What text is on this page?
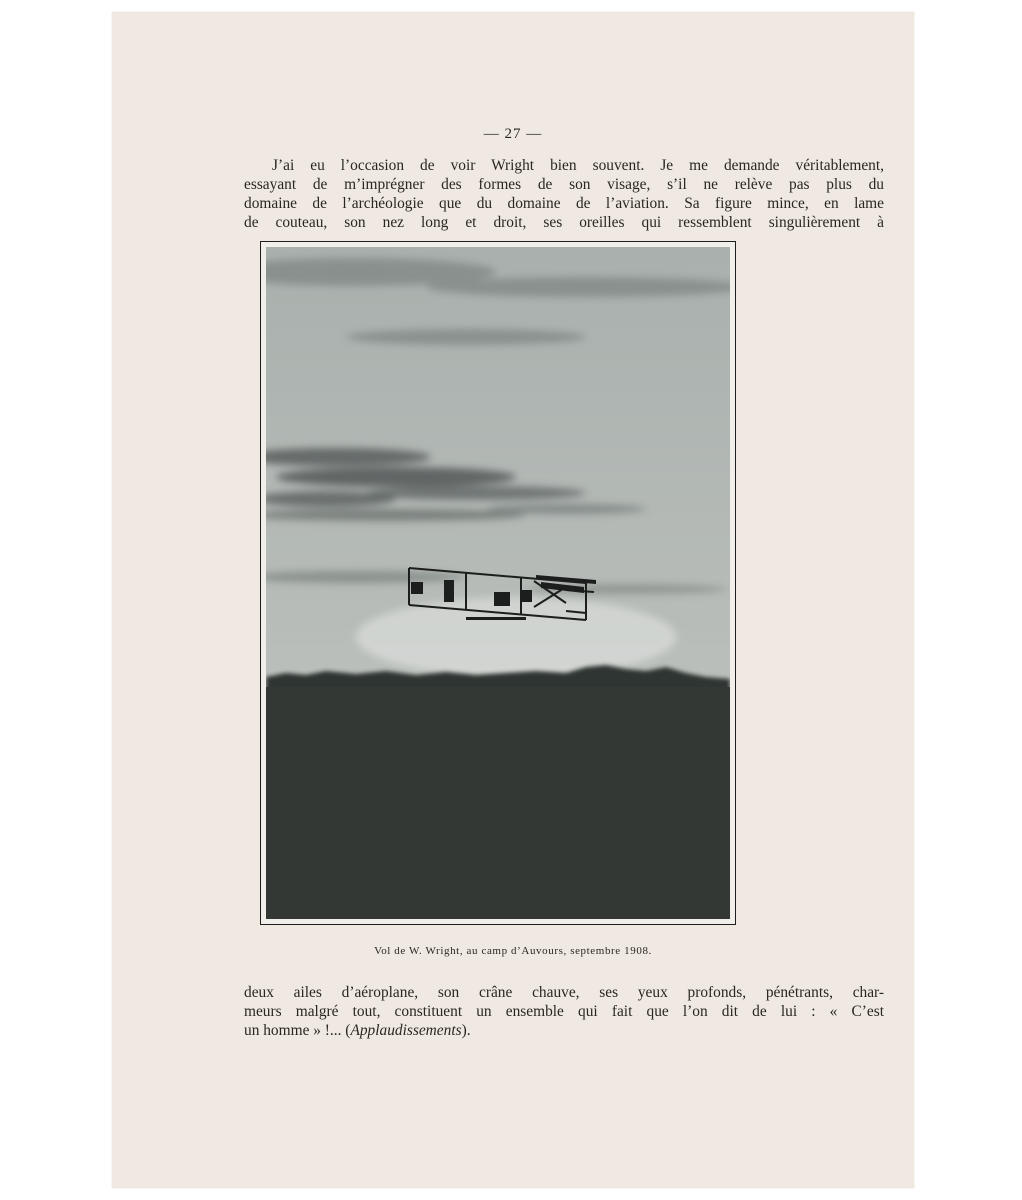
— 27 —
J’ai eu l’occasion de voir Wright bien souvent. Je me demande véritablement,
essayant de m’imprégner des formes de son visage, s’il ne relève pas plus du
domaine de l’archéologie que du domaine de l’aviation. Sa figure mince, en lame
de couteau, son nez long et droit, ses oreilles qui ressemblent singulièrement à
Vol de W. Wright, au camp d’Auvours, septembre 1908.
deux ailes d’aéroplane, son crâne chauve, ses yeux profonds, pénétrants, char-
meurs malgré tout, constituent un ensemble qui fait que l’on dit de lui : « C’est
un homme » !... (Applaudissements).
